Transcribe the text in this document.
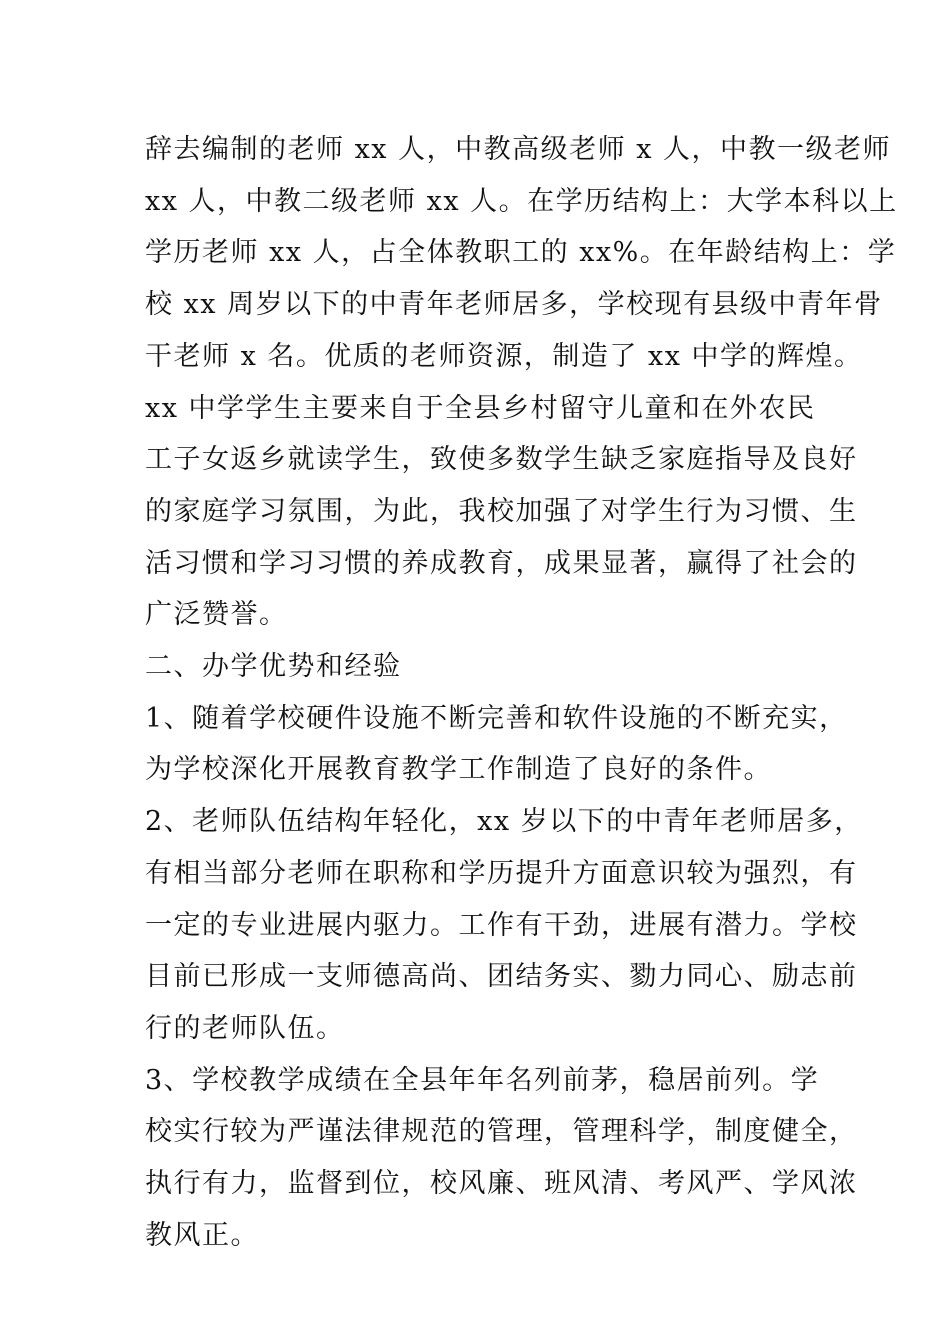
辞去编制的老师 xx 人，中教高级老师 x 人，中教一级老师
xx 人，中教二级老师 xx 人。在学历结构上：大学本科以上
学历老师 xx 人，占全体教职工的 xx%。在年龄结构上：学
校 xx 周岁以下的中青年老师居多，学校现有县级中青年骨
干老师 x 名。优质的老师资源，制造了 xx 中学的辉煌。
xx 中学学生主要来自于全县乡村留守儿童和在外农民
工子女返乡就读学生，致使多数学生缺乏家庭指导及良好
的家庭学习氛围，为此，我校加强了对学生行为习惯、生
活习惯和学习习惯的养成教育，成果显著，赢得了社会的
广泛赞誉。
二、办学优势和经验
1、随着学校硬件设施不断完善和软件设施的不断充实，
为学校深化开展教育教学工作制造了良好的条件。
2、老师队伍结构年轻化，xx 岁以下的中青年老师居多，
有相当部分老师在职称和学历提升方面意识较为强烈，有
一定的专业进展内驱力。工作有干劲，进展有潜力。学校
目前已形成一支师德高尚、团结务实、勠力同心、励志前
行的老师队伍。
3、学校教学成绩在全县年年名列前茅，稳居前列。学
校实行较为严谨法律规范的管理，管理科学，制度健全，
执行有力，监督到位，校风廉、班风清、考风严、学风浓
教风正。
